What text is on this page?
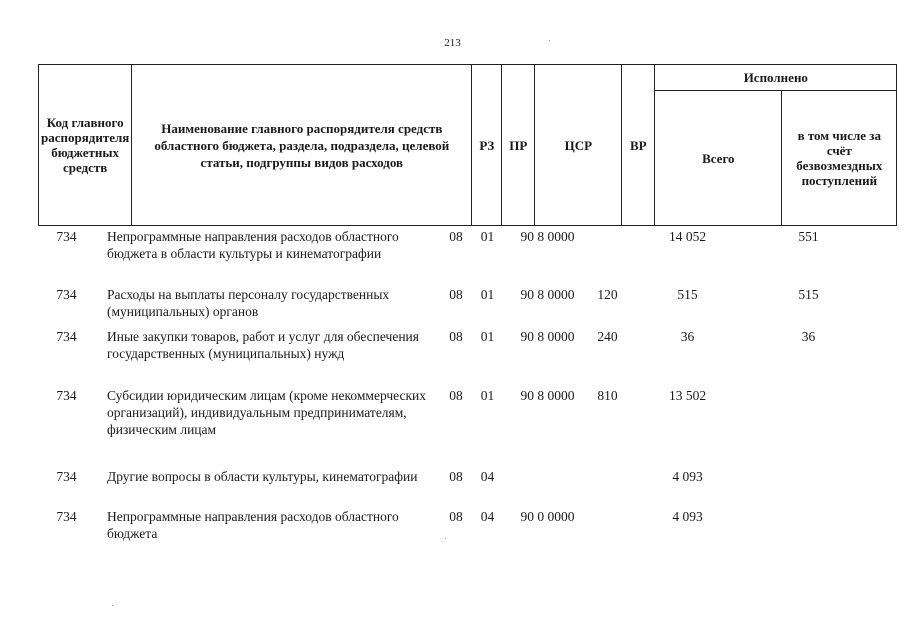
213
Код главного распорядителя бюджетных средств	Наименование главного распорядителя средств областного бюджета, раздела, подраздела, целевой статьи, подгруппы видов расходов	РЗ	ПР	ЦСР	ВР	Исполнено	
						Всего	в том числе за счёт безвозмездных поступлений
734	Непрограммные направления расходов областного бюджета в области культуры и кинематографии	08	01	90 8 0000		14 052	551
734	Расходы на выплаты персоналу государственных (муниципальных) органов	08	01	90 8 0000	120	515	515
734	Иные закупки товаров, работ и услуг для обеспечения государственных (муниципальных) нужд	08	01	90 8 0000	240	36	36
734	Субсидии юридическим лицам (кроме некоммерческих организаций), индивидуальным предпринимателям, физическим лицам	08	01	90 8 0000	810	13 502	
734	Другие вопросы в области культуры, кинематографии	08	04			4 093	
734	Непрограммные направления расходов областного бюджета	08	04	90 0 0000		4 093	
